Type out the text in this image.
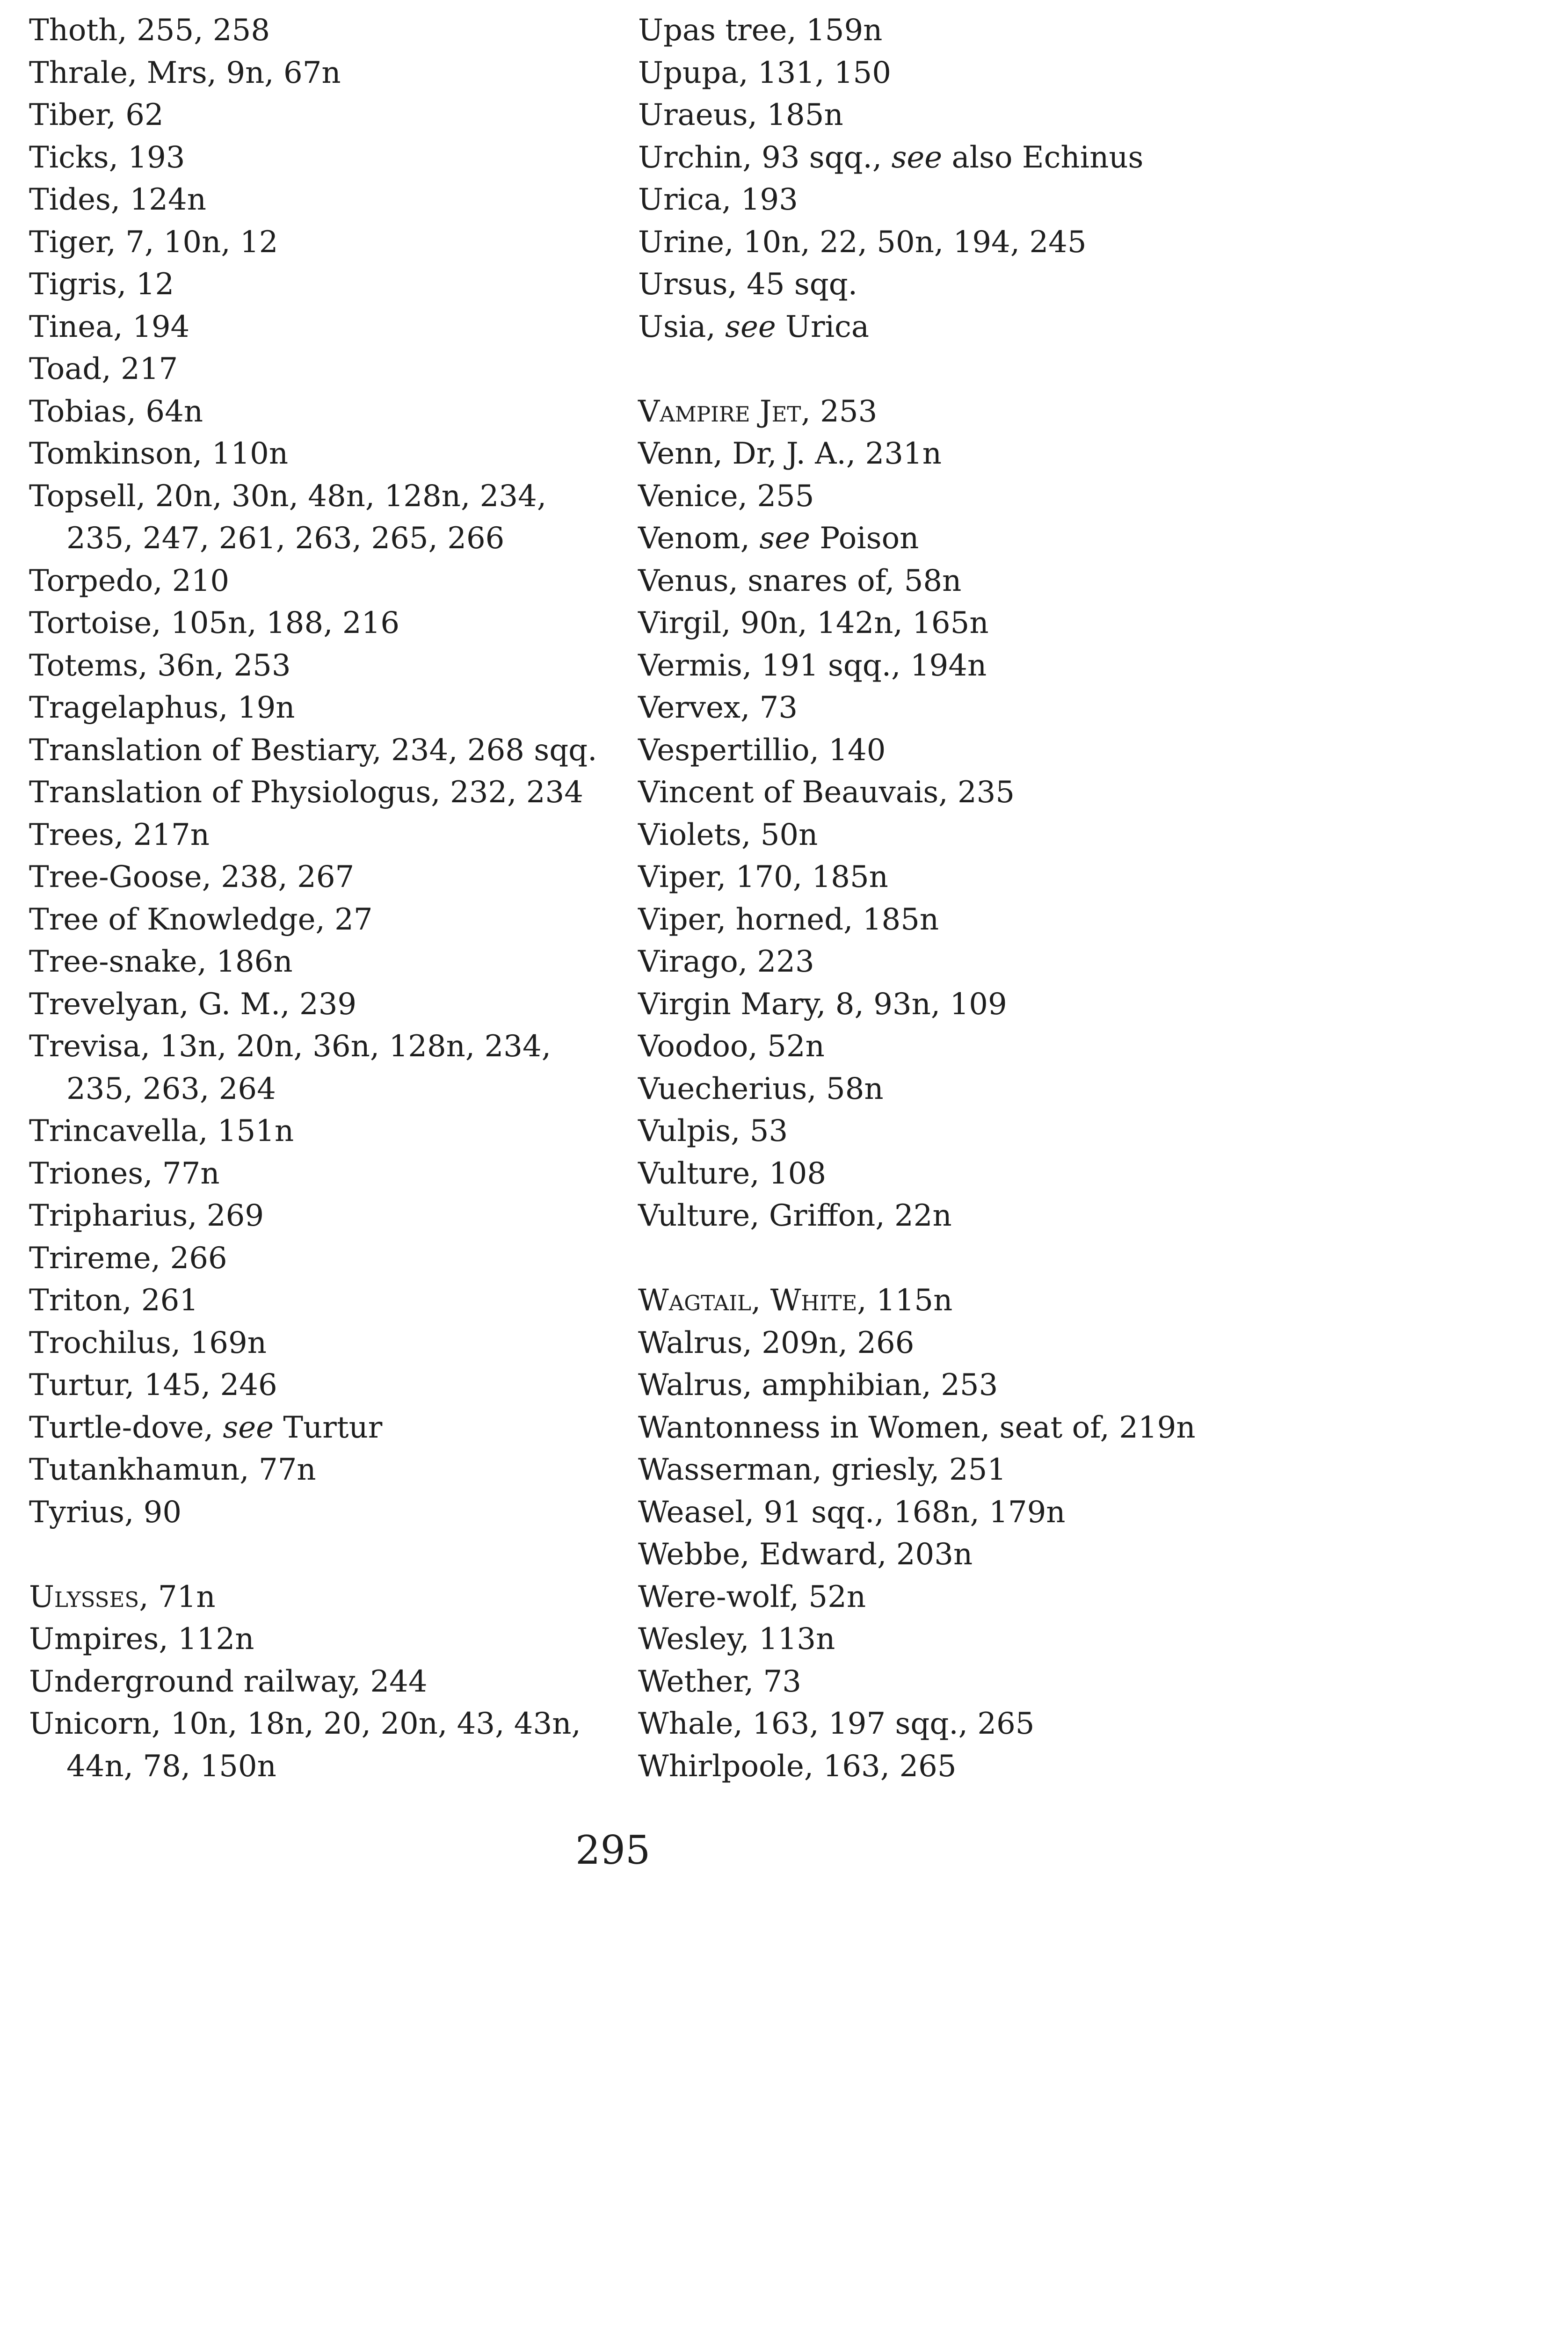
Thoth, 255, 258
Thrale, Mrs, 9n, 67n
Tiber, 62
Ticks, 193
Tides, 124n
Tiger, 7, 10n, 12
Tigris, 12
Tinea, 194
Toad, 217
Tobias, 64n
Tomkinson, 110n
Topsell, 20n, 30n, 48n, 128n, 234,
235, 247, 261, 263, 265, 266
Torpedo, 210
Tortoise, 105n, 188, 216
Totems, 36n, 253
Tragelaphus, 19n
Translation of Bestiary, 234, 268 sqq.
Translation of Physiologus, 232, 234
Trees, 217n
Tree-Goose, 238, 267
Tree of Knowledge, 27
Tree-snake, 186n
Trevelyan, G. M., 239
Trevisa, 13n, 20n, 36n, 128n, 234,
235, 263, 264
Trincavella, 151n
Triones, 77n
Tripharius, 269
Trireme, 266
Triton, 261
Trochilus, 169n
Turtur, 145, 246
Turtle-dove, see Turtur
Tutankhamun, 77n
Tyrius, 90
Ulysses, 71n
Umpires, 112n
Underground railway, 244
Unicorn, 10n, 18n, 20, 20n, 43, 43n,
44n, 78, 150n
Upas tree, 159n
Upupa, 131, 150
Uraeus, 185n
Urchin, 93 sqq., see also Echinus
Urica, 193
Urine, 10n, 22, 50n, 194, 245
Ursus, 45 sqq.
Usia, see Urica
Vampire Jet, 253
Venn, Dr, J. A., 231n
Venice, 255
Venom, see Poison
Venus, snares of, 58n
Virgil, 90n, 142n, 165n
Vermis, 191 sqq., 194n
Vervex, 73
Vespertillio, 140
Vincent of Beauvais, 235
Violets, 50n
Viper, 170, 185n
Viper, horned, 185n
Virago, 223
Virgin Mary, 8, 93n, 109
Voodoo, 52n
Vuecherius, 58n
Vulpis, 53
Vulture, 108
Vulture, Griffon, 22n
Wagtail, White, 115n
Walrus, 209n, 266
Walrus, amphibian, 253
Wantonness in Women, seat of, 219n
Wasserman, griesly, 251
Weasel, 91 sqq., 168n, 179n
Webbe, Edward, 203n
Were-wolf, 52n
Wesley, 113n
Wether, 73
Whale, 163, 197 sqq., 265
Whirlpoole, 163, 265
295
